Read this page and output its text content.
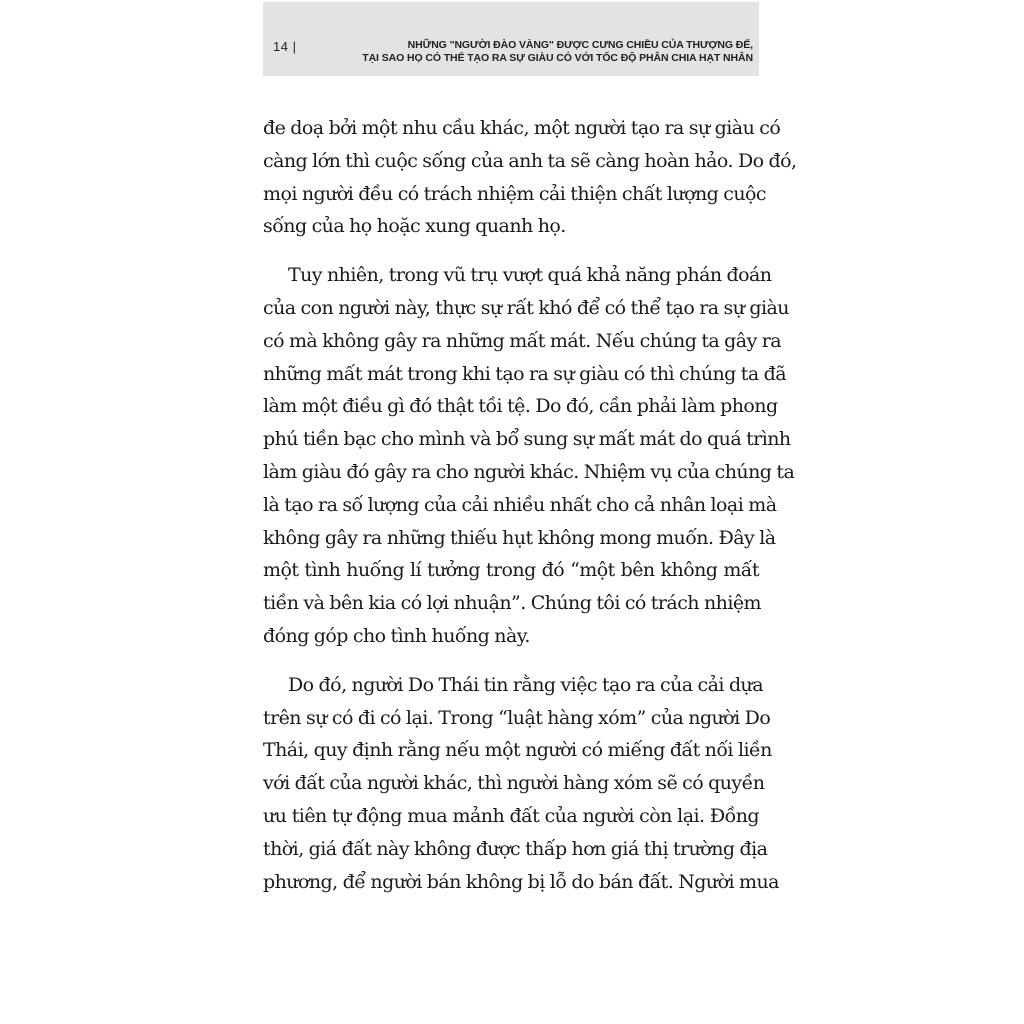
14 |	NHỮNG "NGƯỜI ĐÀO VÀNG" ĐƯỢC CƯNG CHIỀU CỦA THƯỢNG ĐẾ,
TẠI SAO HỌ CÓ THỂ TẠO RA SỰ GIÀU CÓ VỚI TỐC ĐỘ PHÂN CHIA HẠT NHÂN
đe doạ bởi một nhu cầu khác, một người tạo ra sự giàu có
càng lớn thì cuộc sống của anh ta sẽ càng hoàn hảo. Do đó,
mọi người đều có trách nhiệm cải thiện chất lượng cuộc
sống của họ hoặc xung quanh họ.
Tuy nhiên, trong vũ trụ vượt quá khả năng phán đoán
của con người này, thực sự rất khó để có thể tạo ra sự giàu
có mà không gây ra những mất mát. Nếu chúng ta gây ra
những mất mát trong khi tạo ra sự giàu có thì chúng ta đã
làm một điều gì đó thật tồi tệ. Do đó, cần phải làm phong
phú tiền bạc cho mình và bổ sung sự mất mát do quá trình
làm giàu đó gây ra cho người khác. Nhiệm vụ của chúng ta
là tạo ra số lượng của cải nhiều nhất cho cả nhân loại mà
không gây ra những thiếu hụt không mong muốn. Đây là
một tình huống lí tưởng trong đó “một bên không mất
tiền và bên kia có lợi nhuận”. Chúng tôi có trách nhiệm
đóng góp cho tình huống này.
Do đó, người Do Thái tin rằng việc tạo ra của cải dựa
trên sự có đi có lại. Trong “luật hàng xóm” của người Do
Thái, quy định rằng nếu một người có miếng đất nối liền
với đất của người khác, thì người hàng xóm sẽ có quyền
ưu tiên tự động mua mảnh đất của người còn lại. Đồng
thời, giá đất này không được thấp hơn giá thị trường địa
phương, để người bán không bị lỗ do bán đất. Người mua
